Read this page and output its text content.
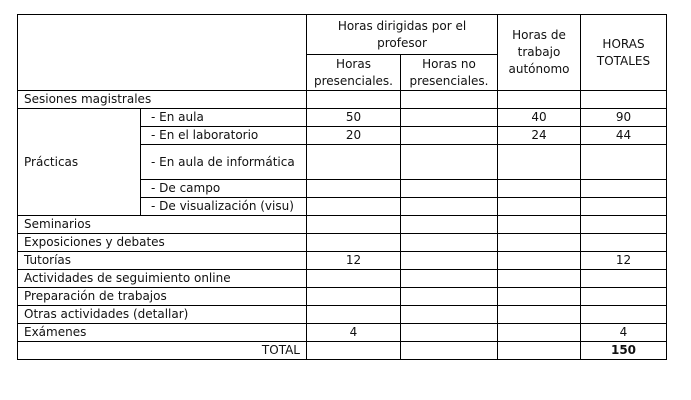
		Horas dirigidas por el profesor		Horas de trabajo autónomo	HORAS TOTALES
		Horas presenciales.	Horas no presenciales.		
Sesiones magistrales					
Prácticas	- En aula	50		40	90
	- En el laboratorio	20		24	44
	- En aula de informática				
	- De campo				
	- De visualización (visu)				
Seminarios					
Exposiciones y debates					
Tutorías		12			12
Actividades de seguimiento online					
Preparación de trabajos					
Otras actividades (detallar)					
Exámenes		4			4
TOTAL					150
